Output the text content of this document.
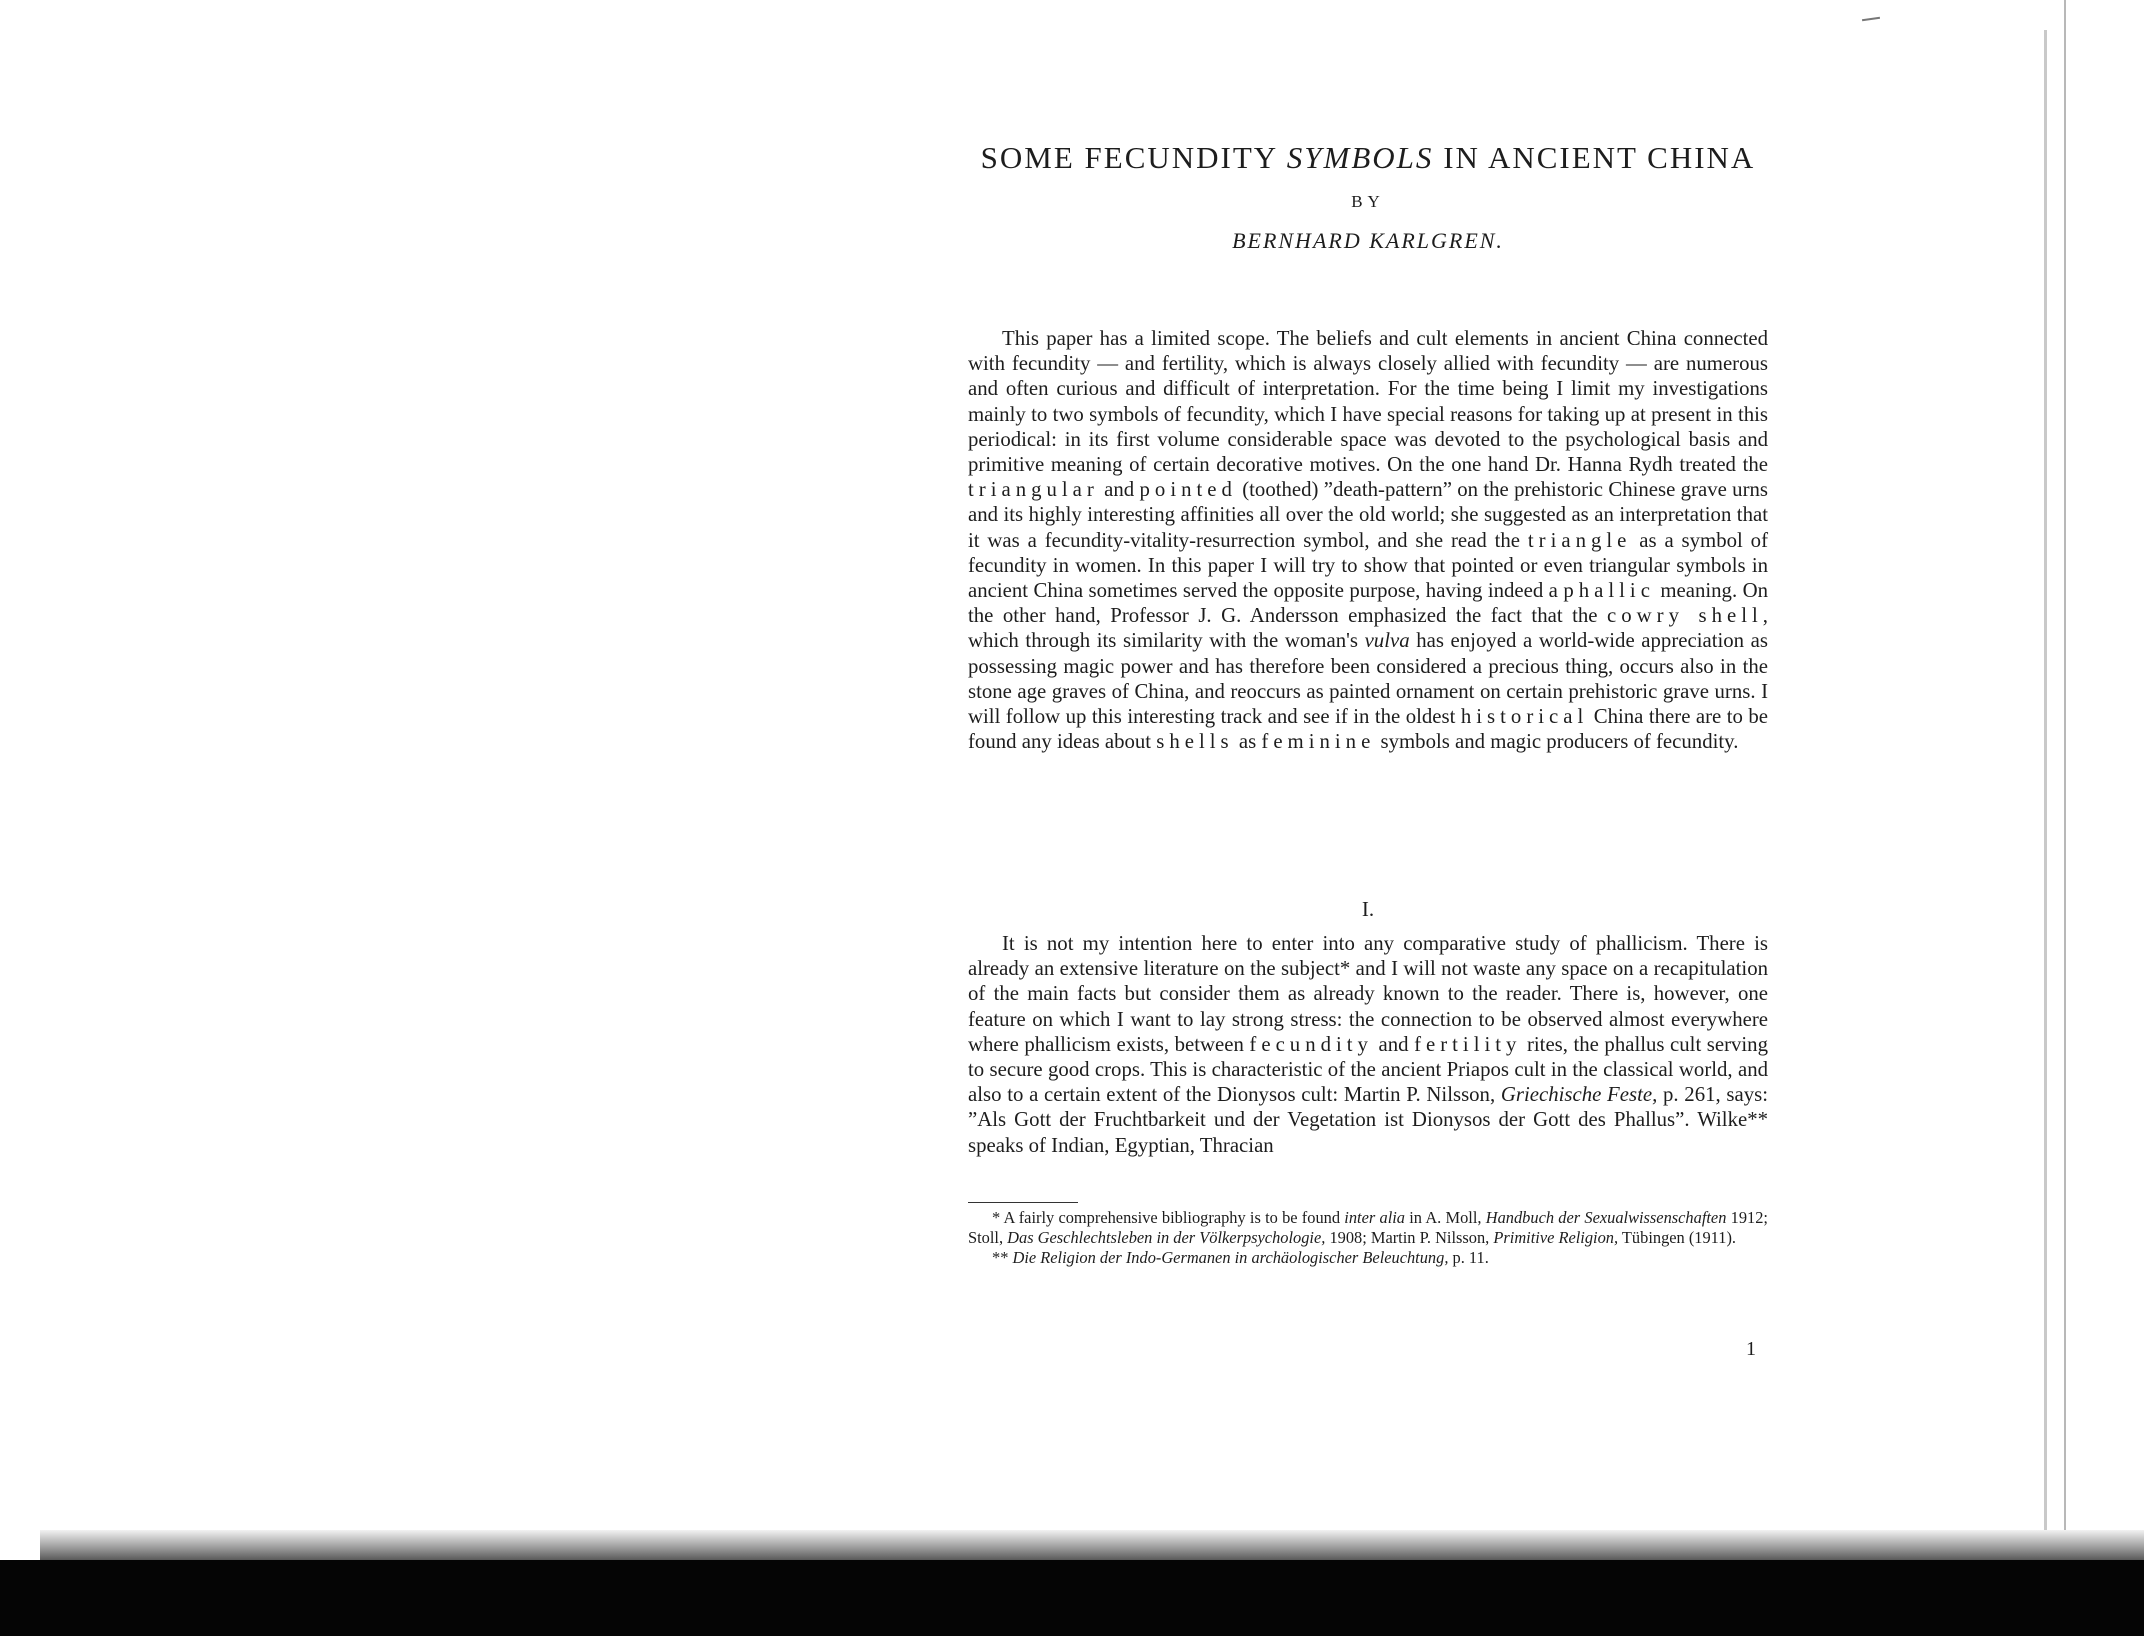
SOME FECUNDITY SYMBOLS IN ANCIENT CHINA
BY
BERNHARD KARLGREN.
This paper has a limited scope. The beliefs and cult elements in ancient China connected with fecundity — and fertility, which is always closely allied with fecundity — are numerous and often curious and difficult of interpretation. For the time being I limit my investigations mainly to two symbols of fecundity, which I have special reasons for taking up at present in this periodical: in its first volume considerable space was devoted to the psychological basis and primitive meaning of certain decorative motives. On the one hand Dr. Hanna Rydh treated the triangular and pointed (toothed) ”death-pattern” on the prehistoric Chinese grave urns and its highly interesting affinities all over the old world; she suggested as an interpretation that it was a fecundity-vitality-resurrection symbol, and she read the triangle as a symbol of fecundity in women. In this paper I will try to show that pointed or even triangular symbols in ancient China sometimes served the opposite purpose, having indeed a phallic meaning. On the other hand, Professor J. G. Andersson emphasized the fact that the cowry shell, which through its similarity with the woman's vulva has enjoyed a world-wide appreciation as possessing magic power and has therefore been considered a precious thing, occurs also in the stone age graves of China, and reoccurs as painted ornament on certain prehistoric grave urns. I will follow up this interesting track and see if in the oldest historical China there are to be found any ideas about shells as feminine symbols and magic producers of fecundity.
I.
It is not my intention here to enter into any comparative study of phallicism. There is already an extensive literature on the subject* and I will not waste any space on a recapitulation of the main facts but consider them as already known to the reader. There is, however, one feature on which I want to lay strong stress: the connection to be observed almost everywhere where phallicism exists, between fecundity and fertility rites, the phallus cult serving to secure good crops. This is characteristic of the ancient Priapos cult in the classical world, and also to a certain extent of the Dionysos cult: Martin P. Nilsson, Griechische Feste, p. 261, says: ”Als Gott der Fruchtbarkeit und der Vegetation ist Dionysos der Gott des Phallus”. Wilke** speaks of Indian, Egyptian, Thracian

* A fairly comprehensive bibliography is to be found inter alia in A. Moll, Handbuch der Sexualwissenschaften 1912; Stoll, Das Geschlechtsleben in der Völkerpsychologie, 1908; Martin P. Nilsson, Primitive Religion, Tübingen (1911).

** Die Religion der Indo-Germanen in archäologischer Beleuchtung, p. 11.

1
